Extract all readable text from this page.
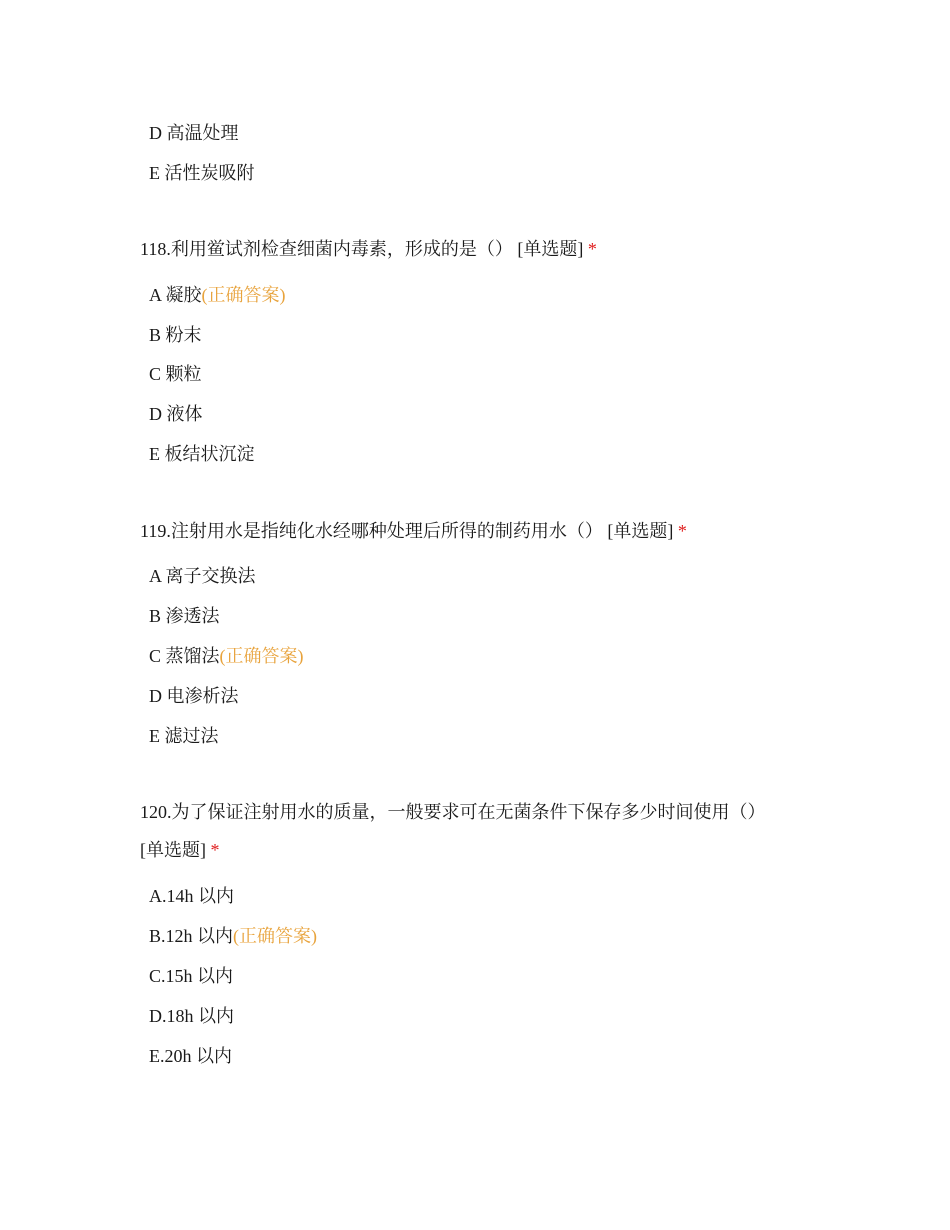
D 高温处理
E 活性炭吸附
118.利用鲎试剂检查细菌内毒素，形成的是（） [单选题] *
A 凝胶(正确答案)
B 粉末
C 颗粒
D 液体
E 板结状沉淀
119.注射用水是指纯化水经哪种处理后所得的制药用水（） [单选题] *
A 离子交换法
B 渗透法
C 蒸馏法(正确答案)
D 电渗析法
E 滤过法
120.为了保证注射用水的质量，一般要求可在无菌条件下保存多少时间使用（）
[单选题] *
A.14h 以内
B.12h 以内(正确答案)
C.15h 以内
D.18h 以内
E.20h 以内
